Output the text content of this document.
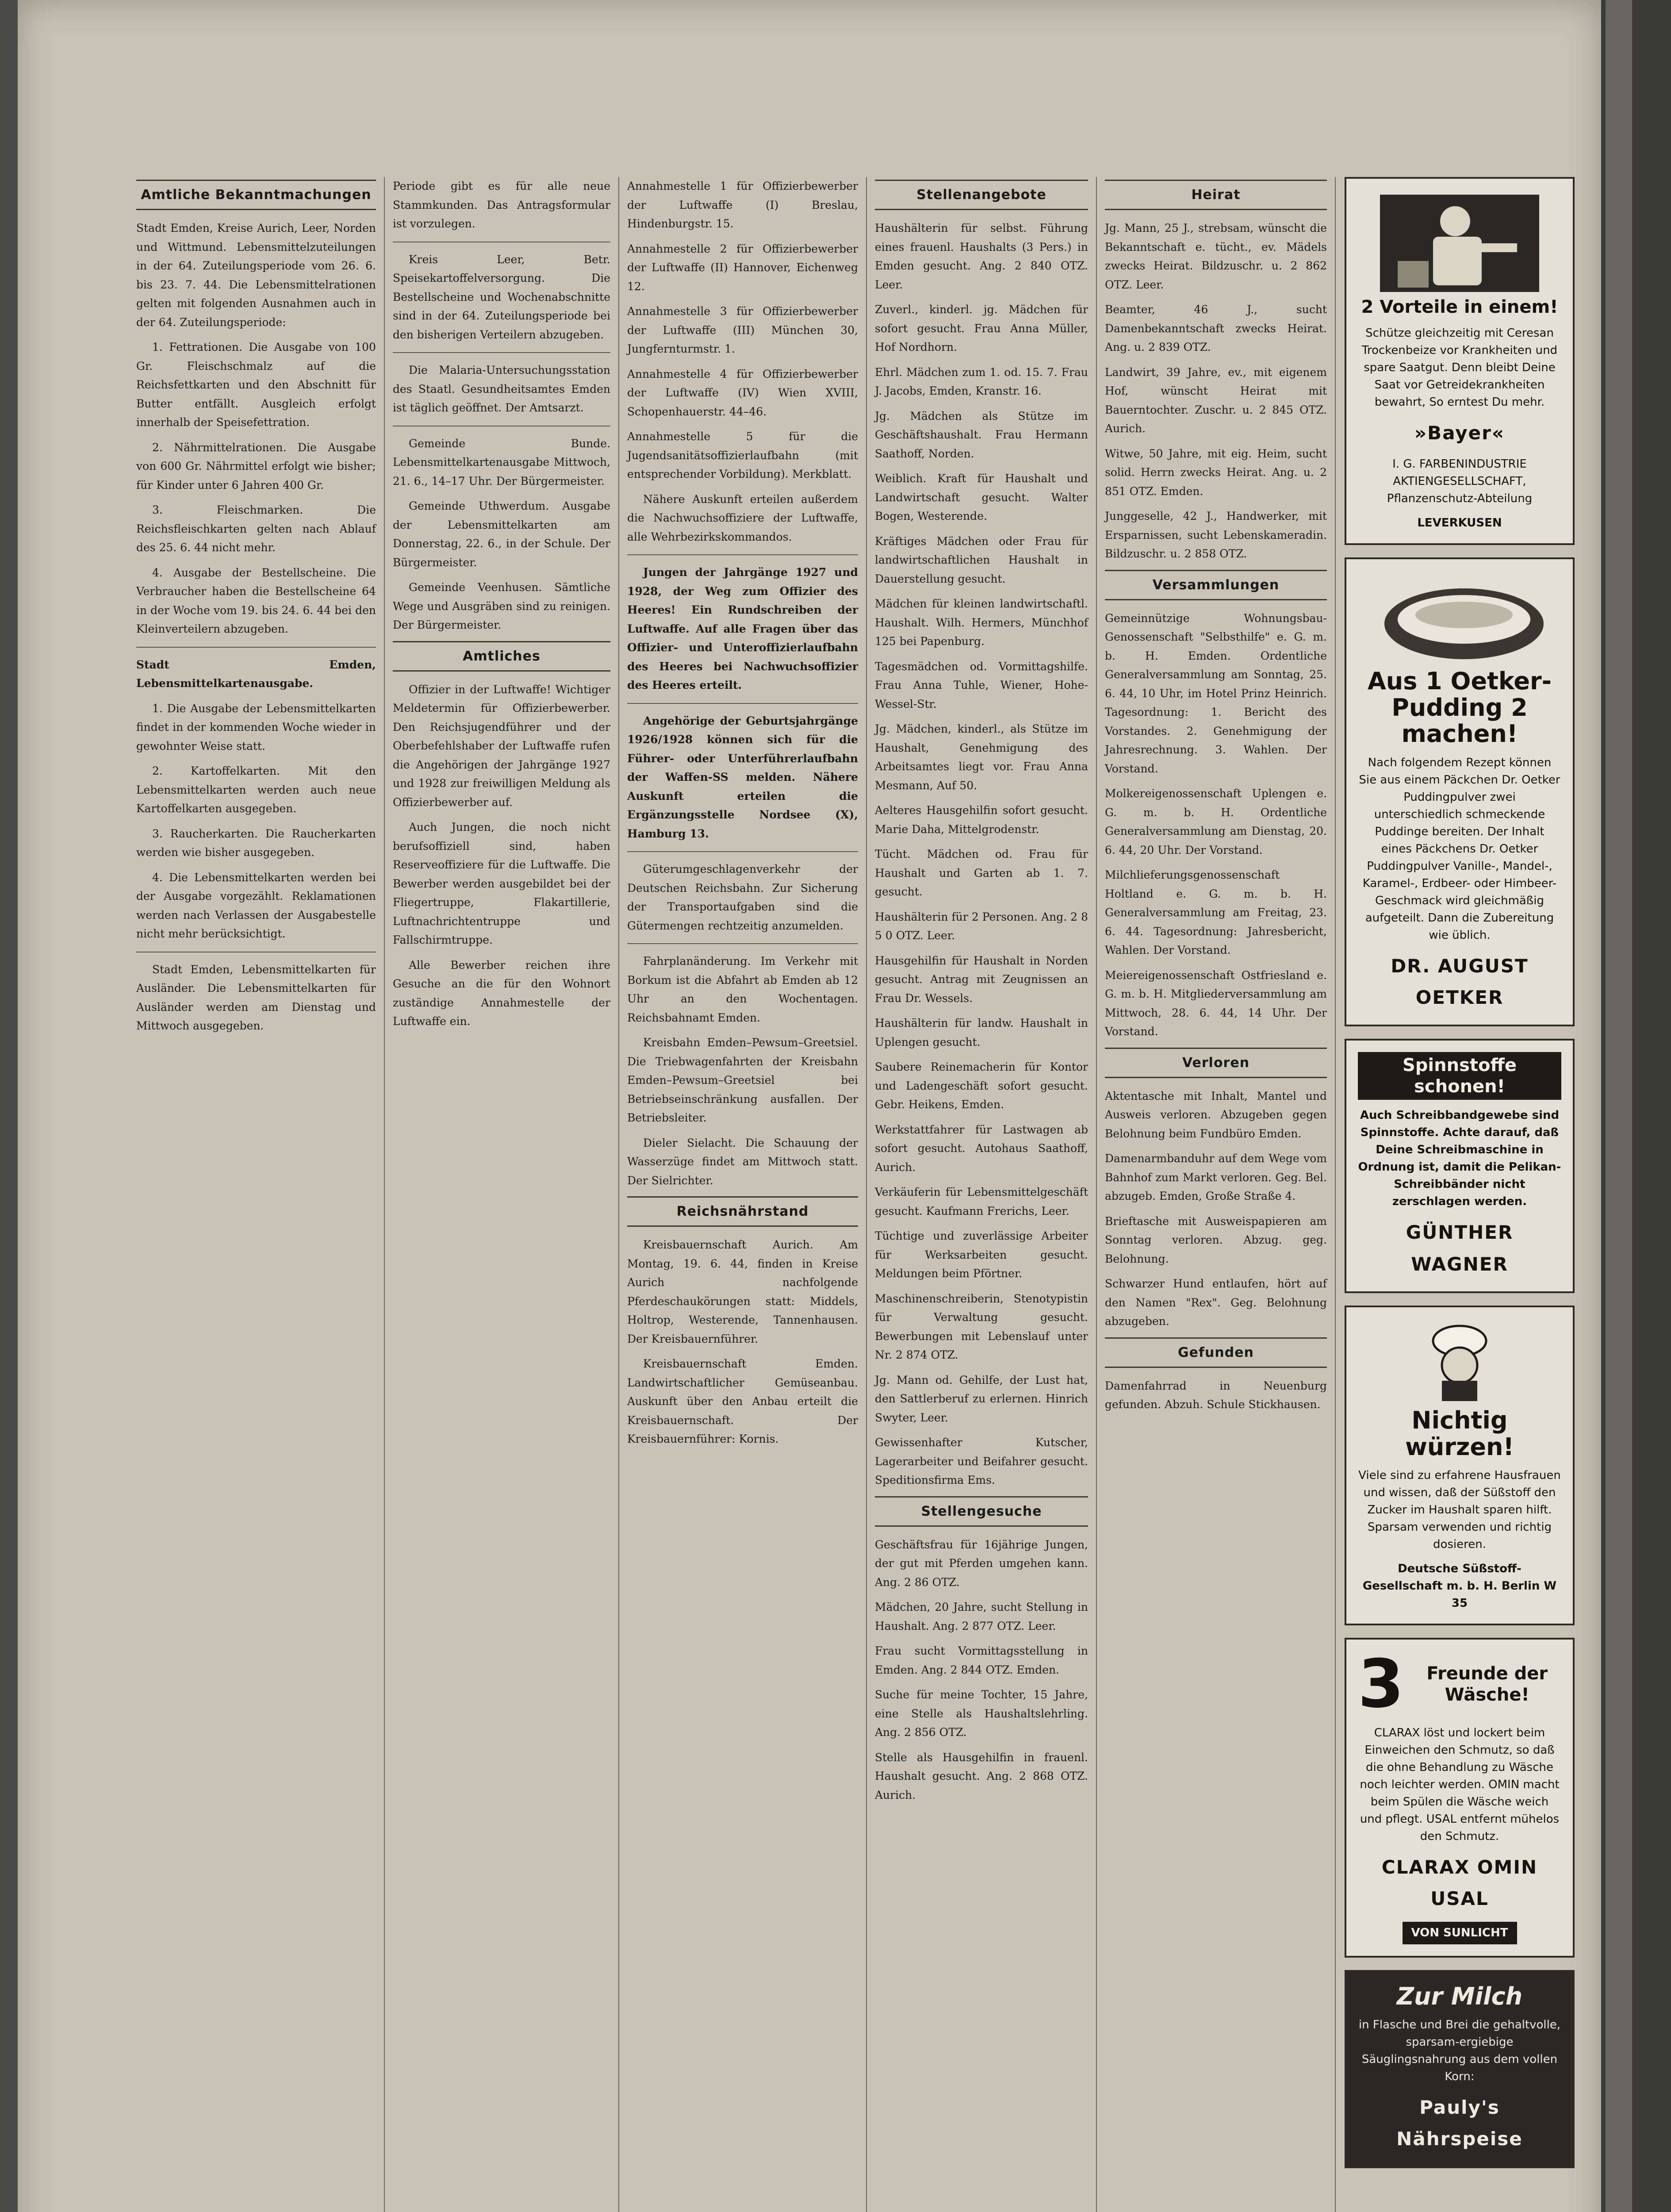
Amtliche Bekanntmachungen

Stadt Emden, Kreise Aurich, Leer, Norden und Wittmund. Lebensmittelzuteilungen in der 64. Zuteilungsperiode vom 26. 6. bis 23. 7. 44. Die Lebensmittelrationen gelten mit folgenden Ausnahmen auch in der 64. Zuteilungsperiode:

1. Fettrationen. Die Ausgabe von 100 Gr. Fleischschmalz auf die Reichsfettkarten und den Abschnitt für Butter entfällt. Ausgleich erfolgt innerhalb der Speisefettration.

2. Nährmittelrationen. Die Ausgabe von 600 Gr. Nährmittel erfolgt wie bisher; für Kinder unter 6 Jahren 400 Gr.

3. Fleischmarken. Die Reichsfleischkarten gelten nach Ablauf des 25. 6. 44 nicht mehr.

4. Ausgabe der Bestellscheine. Die Verbraucher haben die Bestellscheine 64 in der Woche vom 19. bis 24. 6. 44 bei den Kleinverteilern abzugeben.

Stadt Emden, Lebensmittelkartenausgabe.

1. Die Ausgabe der Lebensmittelkarten findet in der kommenden Woche wieder in gewohnter Weise statt.

2. Kartoffelkarten. Mit den Lebensmittelkarten werden auch neue Kartoffelkarten ausgegeben.

3. Raucherkarten. Die Raucherkarten werden wie bisher ausgegeben.

4. Die Lebensmittelkarten werden bei der Ausgabe vorgezählt. Reklamationen werden nach Verlassen der Ausgabestelle nicht mehr berücksichtigt.

Stadt Emden, Lebensmittelkarten für Ausländer. Die Lebensmittelkarten für Ausländer werden am Dienstag und Mittwoch ausgegeben.

Periode gibt es für alle neue Stammkunden. Das Antragsformular ist vorzulegen.

Kreis Leer, Betr. Speisekartoffelversorgung. Die Bestellscheine und Wochenabschnitte sind in der 64. Zuteilungsperiode bei den bisherigen Verteilern abzugeben.

Die Malaria-Untersuchungsstation des Staatl. Gesundheitsamtes Emden ist täglich geöffnet. Der Amtsarzt.

Gemeinde Bunde. Lebensmittelkartenausgabe Mittwoch, 21. 6., 14–17 Uhr. Der Bürgermeister.

Gemeinde Uthwerdum. Ausgabe der Lebensmittelkarten am Donnerstag, 22. 6., in der Schule. Der Bürgermeister.

Gemeinde Veenhusen. Sämtliche Wege und Ausgräben sind zu reinigen. Der Bürgermeister.

Amtliches

Offizier in der Luftwaffe! Wichtiger Meldetermin für Offizierbewerber. Den Reichsjugendführer und der Oberbefehlshaber der Luftwaffe rufen die Angehörigen der Jahrgänge 1927 und 1928 zur freiwilligen Meldung als Offizierbewerber auf.

Auch Jungen, die noch nicht berufsoffiziell sind, haben Reserveoffiziere für die Luftwaffe. Die Bewerber werden ausgebildet bei der Fliegertruppe, Flakartillerie, Luftnachrichtentruppe und Fallschirmtruppe.

Alle Bewerber reichen ihre Gesuche an die für den Wohnort zuständige Annahmestelle der Luftwaffe ein.

Annahmestelle 1 für Offizierbewerber der Luftwaffe (I) Breslau, Hindenburgstr. 15.

Annahmestelle 2 für Offizierbewerber der Luftwaffe (II) Hannover, Eichenweg 12.

Annahmestelle 3 für Offizierbewerber der Luftwaffe (III) München 30, Jungfernturmstr. 1.

Annahmestelle 4 für Offizierbewerber der Luftwaffe (IV) Wien XVIII, Schopenhauerstr. 44–46.

Annahmestelle 5 für die Jugendsanitätsoffizierlaufbahn (mit entsprechender Vorbildung). Merkblatt.

Nähere Auskunft erteilen außerdem die Nachwuchsoffiziere der Luftwaffe, alle Wehrbezirkskommandos.

Jungen der Jahrgänge 1927 und 1928, der Weg zum Offizier des Heeres! Ein Rundschreiben der Luftwaffe. Auf alle Fragen über das Offizier- und Unteroffizierlaufbahn des Heeres bei Nachwuchsoffizier des Heeres erteilt.

Angehörige der Geburtsjahrgänge 1926/1928 können sich für die Führer- oder Unterführerlaufbahn der Waffen-SS melden. Nähere Auskunft erteilen die Ergänzungsstelle Nordsee (X), Hamburg 13.

Güterumgeschlagenverkehr der Deutschen Reichsbahn. Zur Sicherung der Transportaufgaben sind die Gütermengen rechtzeitig anzumelden.

Fahrplanänderung. Im Verkehr mit Borkum ist die Abfahrt ab Emden ab 12 Uhr an den Wochentagen. Reichsbahnamt Emden.

Kreisbahn Emden–Pewsum–Greetsiel. Die Triebwagenfahrten der Kreisbahn Emden–Pewsum–Greetsiel bei Betriebseinschränkung ausfallen. Der Betriebsleiter.

Dieler Sielacht. Die Schauung der Wasserzüge findet am Mittwoch statt. Der Sielrichter.

Reichsnährstand

Kreisbauernschaft Aurich. Am Montag, 19. 6. 44, finden in Kreise Aurich nachfolgende Pferdeschaukörungen statt: Middels, Holtrop, Westerende, Tannenhausen. Der Kreisbauernführer.

Kreisbauernschaft Emden. Landwirtschaftlicher Gemüseanbau. Auskunft über den Anbau erteilt die Kreisbauernschaft. Der Kreisbauernführer: Kornis.

Stellenangebote

Haushälterin für selbst. Führung eines frauenl. Haushalts (3 Pers.) in Emden gesucht. Ang. 2 840 OTZ. Leer.

Zuverl., kinderl. jg. Mädchen für sofort gesucht. Frau Anna Müller, Hof Nordhorn.

Ehrl. Mädchen zum 1. od. 15. 7. Frau J. Jacobs, Emden, Kranstr. 16.

Jg. Mädchen als Stütze im Geschäftshaushalt. Frau Hermann Saathoff, Norden.

Weiblich. Kraft für Haushalt und Landwirtschaft gesucht. Walter Bogen, Westerende.

Kräftiges Mädchen oder Frau für landwirtschaftlichen Haushalt in Dauerstellung gesucht.

Mädchen für kleinen landwirtschaftl. Haushalt. Wilh. Hermers, Münchhof 125 bei Papenburg.

Tagesmädchen od. Vormittagshilfe. Frau Anna Tuhle, Wiener, Hohe-Wessel-Str.

Jg. Mädchen, kinderl., als Stütze im Haushalt, Genehmigung des Arbeitsamtes liegt vor. Frau Anna Mesmann, Auf 50.

Aelteres Hausgehilfin sofort gesucht. Marie Daha, Mittelgrodenstr.

Tücht. Mädchen od. Frau für Haushalt und Garten ab 1. 7. gesucht.

Haushälterin für 2 Personen. Ang. 2 8 5 0 OTZ. Leer.

Hausgehilfin für Haushalt in Norden gesucht. Antrag mit Zeugnissen an Frau Dr. Wessels.

Haushälterin für landw. Haushalt in Uplengen gesucht.

Saubere Reinemacherin für Kontor und Ladengeschäft sofort gesucht. Gebr. Heikens, Emden.

Werkstattfahrer für Lastwagen ab sofort gesucht. Autohaus Saathoff, Aurich.

Verkäuferin für Lebensmittelgeschäft gesucht. Kaufmann Frerichs, Leer.

Tüchtige und zuverlässige Arbeiter für Werksarbeiten gesucht. Meldungen beim Pförtner.

Maschinenschreiberin, Stenotypistin für Verwaltung gesucht. Bewerbungen mit Lebenslauf unter Nr. 2 874 OTZ.

Jg. Mann od. Gehilfe, der Lust hat, den Sattlerberuf zu erlernen. Hinrich Swyter, Leer.

Gewissenhafter Kutscher, Lagerarbeiter und Beifahrer gesucht. Speditionsfirma Ems.

Stellengesuche

Geschäftsfrau für 16jährige Jungen, der gut mit Pferden umgehen kann. Ang. 2 86 OTZ.

Mädchen, 20 Jahre, sucht Stellung in Haushalt. Ang. 2 877 OTZ. Leer.

Frau sucht Vormittagsstellung in Emden. Ang. 2 844 OTZ. Emden.

Suche für meine Tochter, 15 Jahre, eine Stelle als Haushaltslehrling. Ang. 2 856 OTZ.

Stelle als Hausgehilfin in frauenl. Haushalt gesucht. Ang. 2 868 OTZ. Aurich.

Heirat

Jg. Mann, 25 J., strebsam, wünscht die Bekanntschaft e. tücht., ev. Mädels zwecks Heirat. Bildzuschr. u. 2 862 OTZ. Leer.

Beamter, 46 J., sucht Damenbekanntschaft zwecks Heirat. Ang. u. 2 839 OTZ.

Landwirt, 39 Jahre, ev., mit eigenem Hof, wünscht Heirat mit Bauerntochter. Zuschr. u. 2 845 OTZ. Aurich.

Witwe, 50 Jahre, mit eig. Heim, sucht solid. Herrn zwecks Heirat. Ang. u. 2 851 OTZ. Emden.

Junggeselle, 42 J., Handwerker, mit Ersparnissen, sucht Lebenskameradin. Bildzuschr. u. 2 858 OTZ.

Versammlungen

Gemeinnützige Wohnungsbau-Genossenschaft "Selbsthilfe" e. G. m. b. H. Emden. Ordentliche Generalversammlung am Sonntag, 25. 6. 44, 10 Uhr, im Hotel Prinz Heinrich. Tagesordnung: 1. Bericht des Vorstandes. 2. Genehmigung der Jahresrechnung. 3. Wahlen. Der Vorstand.

Molkereigenossenschaft Uplengen e. G. m. b. H. Ordentliche Generalversammlung am Dienstag, 20. 6. 44, 20 Uhr. Der Vorstand.

Milchlieferungsgenossenschaft Holtland e. G. m. b. H. Generalversammlung am Freitag, 23. 6. 44. Tagesordnung: Jahresbericht, Wahlen. Der Vorstand.

Meiereigenossenschaft Ostfriesland e. G. m. b. H. Mitgliederversammlung am Mittwoch, 28. 6. 44, 14 Uhr. Der Vorstand.

Verloren

Aktentasche mit Inhalt, Mantel und Ausweis verloren. Abzugeben gegen Belohnung beim Fundbüro Emden.

Damenarmbanduhr auf dem Wege vom Bahnhof zum Markt verloren. Geg. Bel. abzugeb. Emden, Große Straße 4.

Brieftasche mit Ausweispapieren am Sonntag verloren. Abzug. geg. Belohnung.

Schwarzer Hund entlaufen, hört auf den Namen "Rex". Geg. Belohnung abzugeben.

Gefunden

Damenfahrrad in Neuenburg gefunden. Abzuh. Schule Stickhausen.

2 Vorteile in einem!
Schütze gleichzeitig mit Ceresan Trockenbeize vor Krankheiten und spare Saatgut. Denn bleibt Deine Saat vor Getreidekrankheiten bewahrt, So erntest Du mehr.
»Bayer«
I. G. FARBENINDUSTRIE AKTIENGESELLSCHAFT, Pflanzenschutz-Abteilung
LEVERKUSEN
Aus 1 Oetker-Pudding 2 machen!
Nach folgendem Rezept können Sie aus einem Päckchen Dr. Oetker Puddingpulver zwei unterschiedlich schmeckende Puddinge bereiten. Der Inhalt eines Päckchens Dr. Oetker Puddingpulver Vanille-, Mandel-, Karamel-, Erdbeer- oder Himbeer-Geschmack wird gleichmäßig aufgeteilt. Dann die Zubereitung wie üblich.
DR. AUGUST OETKER
Spinnstoffe schonen!
Auch Schreibbandgewebe sind Spinnstoffe. Achte darauf, daß Deine Schreibmaschine in Ordnung ist, damit die Pelikan-Schreibbänder nicht zerschlagen werden.
GÜNTHER WAGNER
Nichtig würzen!
Viele sind zu erfahrene Hausfrauen und wissen, daß der Süßstoff den Zucker im Haushalt sparen hilft. Sparsam verwenden und richtig dosieren.
Deutsche Süßstoff-Gesellschaft m. b. H. Berlin W 35
3	Freunde der Wäsche!
CLARAX löst und lockert beim Einweichen den Schmutz, so daß die ohne Behandlung zu Wäsche noch leichter werden. OMIN macht beim Spülen die Wäsche weich und pflegt. USAL entfernt mühelos den Schmutz.
CLARAX OMIN USAL
VON SUNLICHT
Zur Milch
in Flasche und Brei die gehaltvolle, sparsam-ergiebige Säuglingsnahrung aus dem vollen Korn:
Pauly's Nährspeise
